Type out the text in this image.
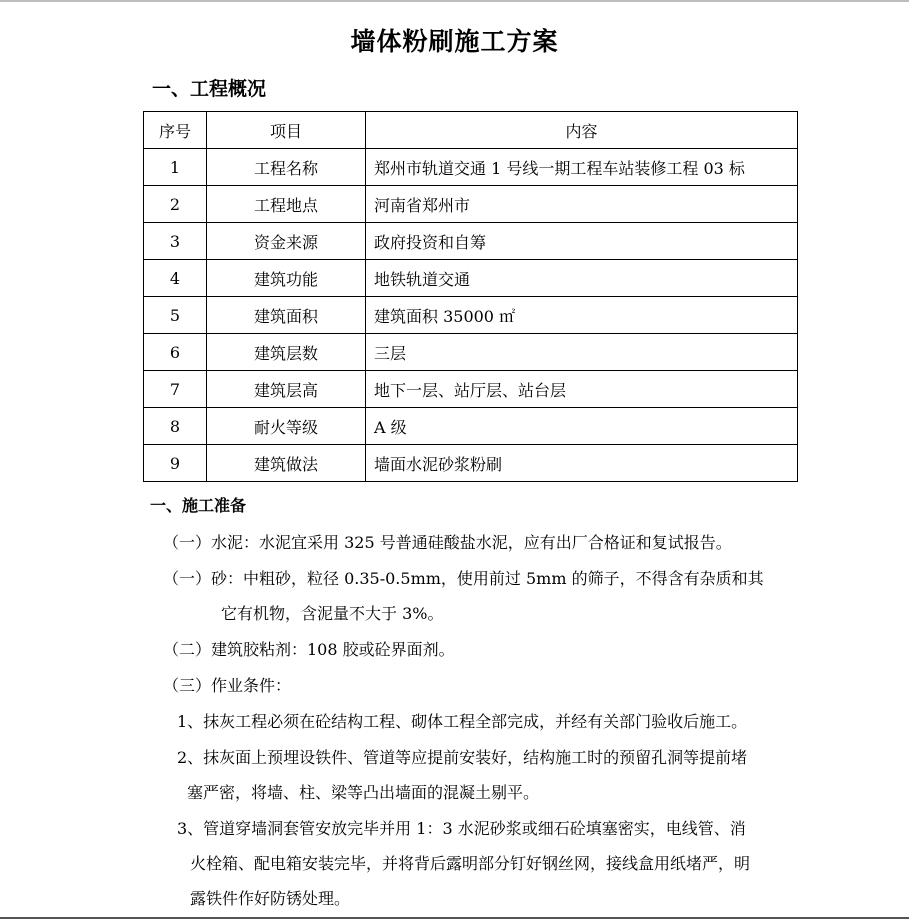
墙体粉刷施工方案
一、工程概况
序号	项目	内容
1	工程名称	郑州市轨道交通 1 号线一期工程车站装修工程 03 标
2	工程地点	河南省郑州市
3	资金来源	政府投资和自筹
4	建筑功能	地铁轨道交通
5	建筑面积	建筑面积 35000 ㎡
6	建筑层数	三层
7	建筑层高	地下一层、站厅层、站台层
8	耐火等级	A 级
9	建筑做法	墙面水泥砂浆粉刷
一、施工准备
（一）水泥：水泥宜采用 325 号普通硅酸盐水泥，应有出厂合格证和复试报告。
（一）砂：中粗砂，粒径 0.35-0.5mm，使用前过 5mm 的筛子，不得含有杂质和其
它有机物，含泥量不大于 3%。
（二）建筑胶粘剂：108 胶或砼界面剂。
（三）作业条件：
1、抹灰工程必须在砼结构工程、砌体工程全部完成，并经有关部门验收后施工。
2、抹灰面上预埋设铁件、管道等应提前安装好，结构施工时的预留孔洞等提前堵
塞严密，将墙、柱、梁等凸出墙面的混凝土剔平。
3、管道穿墙洞套管安放完毕并用 1：3 水泥砂浆或细石砼填塞密实，电线管、消
火栓箱、配电箱安装完毕，并将背后露明部分钉好钢丝网，接线盒用纸堵严，明
露铁件作好防锈处理。
